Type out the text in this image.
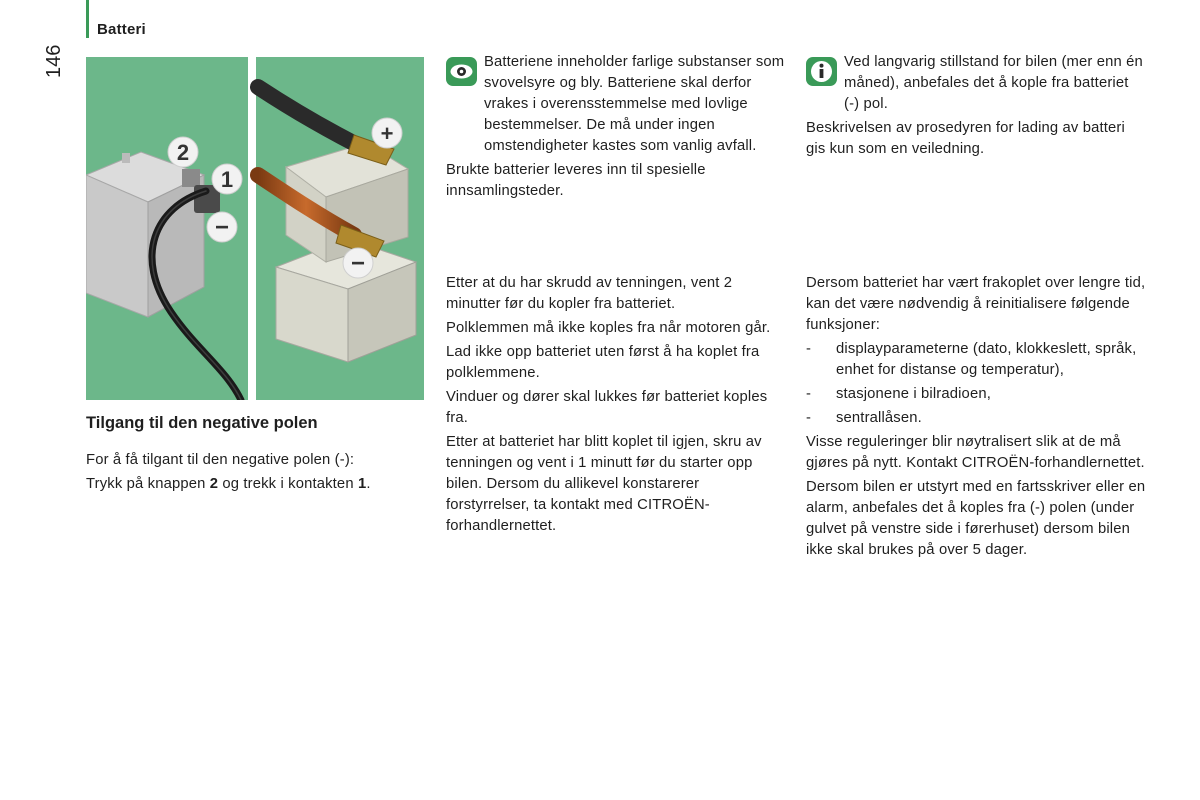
Batteri
146
2
1
−
+
−
Tilgang til den negative polen

For å få tilgant til den negative polen (-):

Trykk på knappen 2 og trekk i kontakten 1.

Batteriene inneholder farlige substanser som svovelsyre og bly. Batteriene skal derfor vrakes i overensstemmelse med lovlige bestemmelser. De må under ingen omstendigheter kastes som vanlig avfall.

Brukte batterier leveres inn til spesielle innsamlingsteder.

Etter at du har skrudd av tenningen, vent 2 minutter før du kopler fra batteriet.

Polklemmen må ikke koples fra når motoren går.

Lad ikke opp batteriet uten først å ha koplet fra polklemmene.

Vinduer og dører skal lukkes før batteriet koples fra.

Etter at batteriet har blitt koplet til igjen, skru av tenningen og vent i 1 minutt før du starter opp bilen. Dersom du allikevel konstarerer forstyrrelser, ta kontakt med CITROËN-forhandlernettet.

Ved langvarig stillstand for bilen (mer enn én måned), anbefales det å kople fra batteriet (-) pol.

Beskrivelsen av prosedyren for lading av batteri gis kun som en veiledning.

Dersom batteriet har vært frakoplet over lengre tid, kan det være nødvendig å reinitialisere følgende funksjoner:

- displayparameterne (dato, klokkeslett, språk, enhet for distanse og temperatur),

- stasjonene i bilradioen,

- sentrallåsen.

Visse reguleringer blir nøytralisert slik at de må gjøres på nytt. Kontakt CITROËN-forhandlernettet.

Dersom bilen er utstyrt med en fartsskriver eller en alarm, anbefales det å koples fra (-) polen (under gulvet på venstre side i førerhuset) dersom bilen ikke skal brukes på over 5 dager.
